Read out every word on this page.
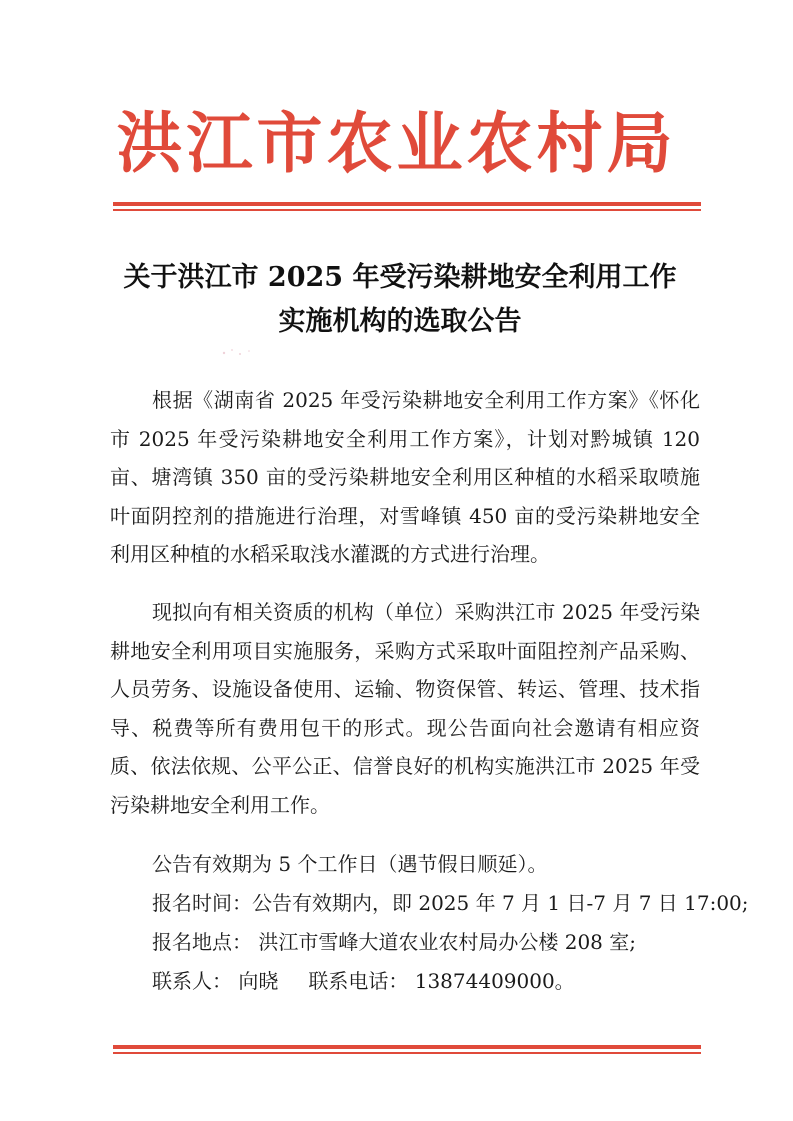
洪江市农业农村局
关于洪江市 2025 年受污染耕地安全利用工作
实施机构的选取公告
根据《湖南省 2025 年受污染耕地安全利用工作方案》《怀化市 2025 年受污染耕地安全利用工作方案》，计划对黔城镇 120 亩、塘湾镇 350 亩的受污染耕地安全利用区种植的水稻采取喷施叶面阴控剂的措施进行治理，对雪峰镇 450 亩的受污染耕地安全利用区种植的水稻采取浅水灌溉的方式进行治理。
现拟向有相关资质的机构（单位）采购洪江市 2025 年受污染耕地安全利用项目实施服务，采购方式采取叶面阻控剂产品采购、人员劳务、设施设备使用、运输、物资保管、转运、管理、技术指导、税费等所有费用包干的形式。现公告面向社会邀请有相应资质、依法依规、公平公正、信誉良好的机构实施洪江市 2025 年受污染耕地安全利用工作。
公告有效期为 5 个工作日（遇节假日顺延）。
报名时间：公告有效期内，即 2025 年 7 月 1 日-7 月 7 日 17:00;
报名地点： 洪江市雪峰大道农业农村局办公楼 208 室;
联系人： 向晓 联系电话： 13874409000。
